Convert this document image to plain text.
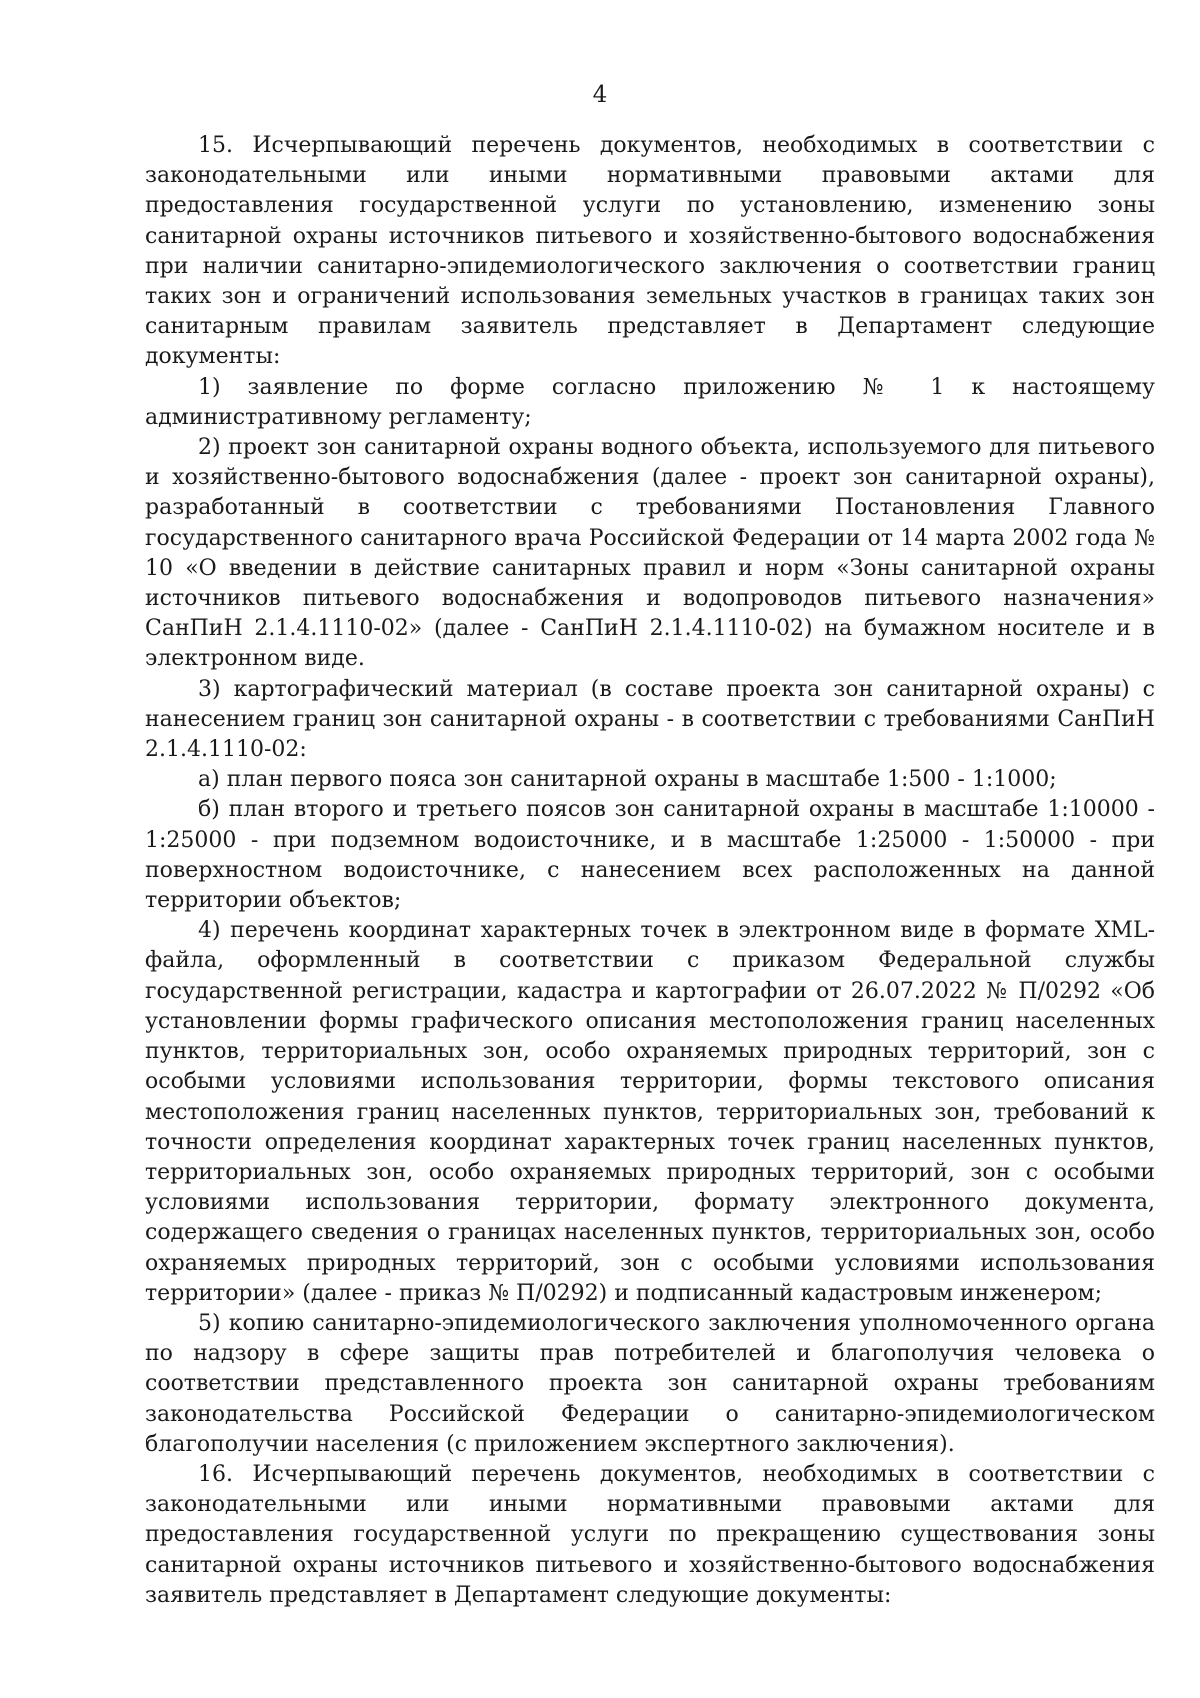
4

15. Исчерпывающий перечень документов, необходимых в соответствии с законодательными или иными нормативными правовыми актами для предоставления государственной услуги по установлению, изменению зоны санитарной охраны источников питьевого и хозяйственно-бытового водоснабжения при наличии санитарно-эпидемиологического заключения о соответствии границ таких зон и ограничений использования земельных участков в границах таких зон санитарным правилам заявитель представляет в Департамент следующие документы:

1) заявление по форме согласно приложению № 1 к настоящему административному регламенту;

2) проект зон санитарной охраны водного объекта, используемого для питьевого и хозяйственно-бытового водоснабжения (далее - проект зон санитарной охраны), разработанный в соответствии с требованиями Постановления Главного государственного санитарного врача Российской Федерации от 14 марта 2002 года № 10 «О введении в действие санитарных правил и норм «Зоны санитарной охраны источников питьевого водоснабжения и водопроводов питьевого назначения» СанПиН 2.1.4.1110-02» (далее - СанПиН 2.1.4.1110-02) на бумажном носителе и в электронном виде.

3) картографический материал (в составе проекта зон санитарной охраны) с нанесением границ зон санитарной охраны - в соответствии с требованиями СанПиН 2.1.4.1110-02:

а) план первого пояса зон санитарной охраны в масштабе 1:500 - 1:1000;

б) план второго и третьего поясов зон санитарной охраны в масштабе 1:10000 - 1:25000 - при подземном водоисточнике, и в масштабе 1:25000 - 1:50000 - при поверхностном водоисточнике, с нанесением всех расположенных на данной территории объектов;

4) перечень координат характерных точек в электронном виде в формате XML-файла, оформленный в соответствии с приказом Федеральной службы государственной регистрации, кадастра и картографии от 26.07.2022 № П/0292 «Об установлении формы графического описания местоположения границ населенных пунктов, территориальных зон, особо охраняемых природных территорий, зон с особыми условиями использования территории, формы текстового описания местоположения границ населенных пунктов, территориальных зон, требований к точности определения координат характерных точек границ населенных пунктов, территориальных зон, особо охраняемых природных территорий, зон с особыми условиями использования территории, формату электронного документа, содержащего сведения о границах населенных пунктов, территориальных зон, особо охраняемых природных территорий, зон с особыми условиями использования территории» (далее - приказ № П/0292) и подписанный кадастровым инженером;

5) копию санитарно-эпидемиологического заключения уполномоченного органа по надзору в сфере защиты прав потребителей и благополучия человека о соответствии представленного проекта зон санитарной охраны требованиям законодательства Российской Федерации о санитарно-эпидемиологическом благополучии населения (с приложением экспертного заключения).

16. Исчерпывающий перечень документов, необходимых в соответствии с законодательными или иными нормативными правовыми актами для предоставления государственной услуги по прекращению существования зоны санитарной охраны источников питьевого и хозяйственно-бытового водоснабжения заявитель представляет в Департамент следующие документы:
